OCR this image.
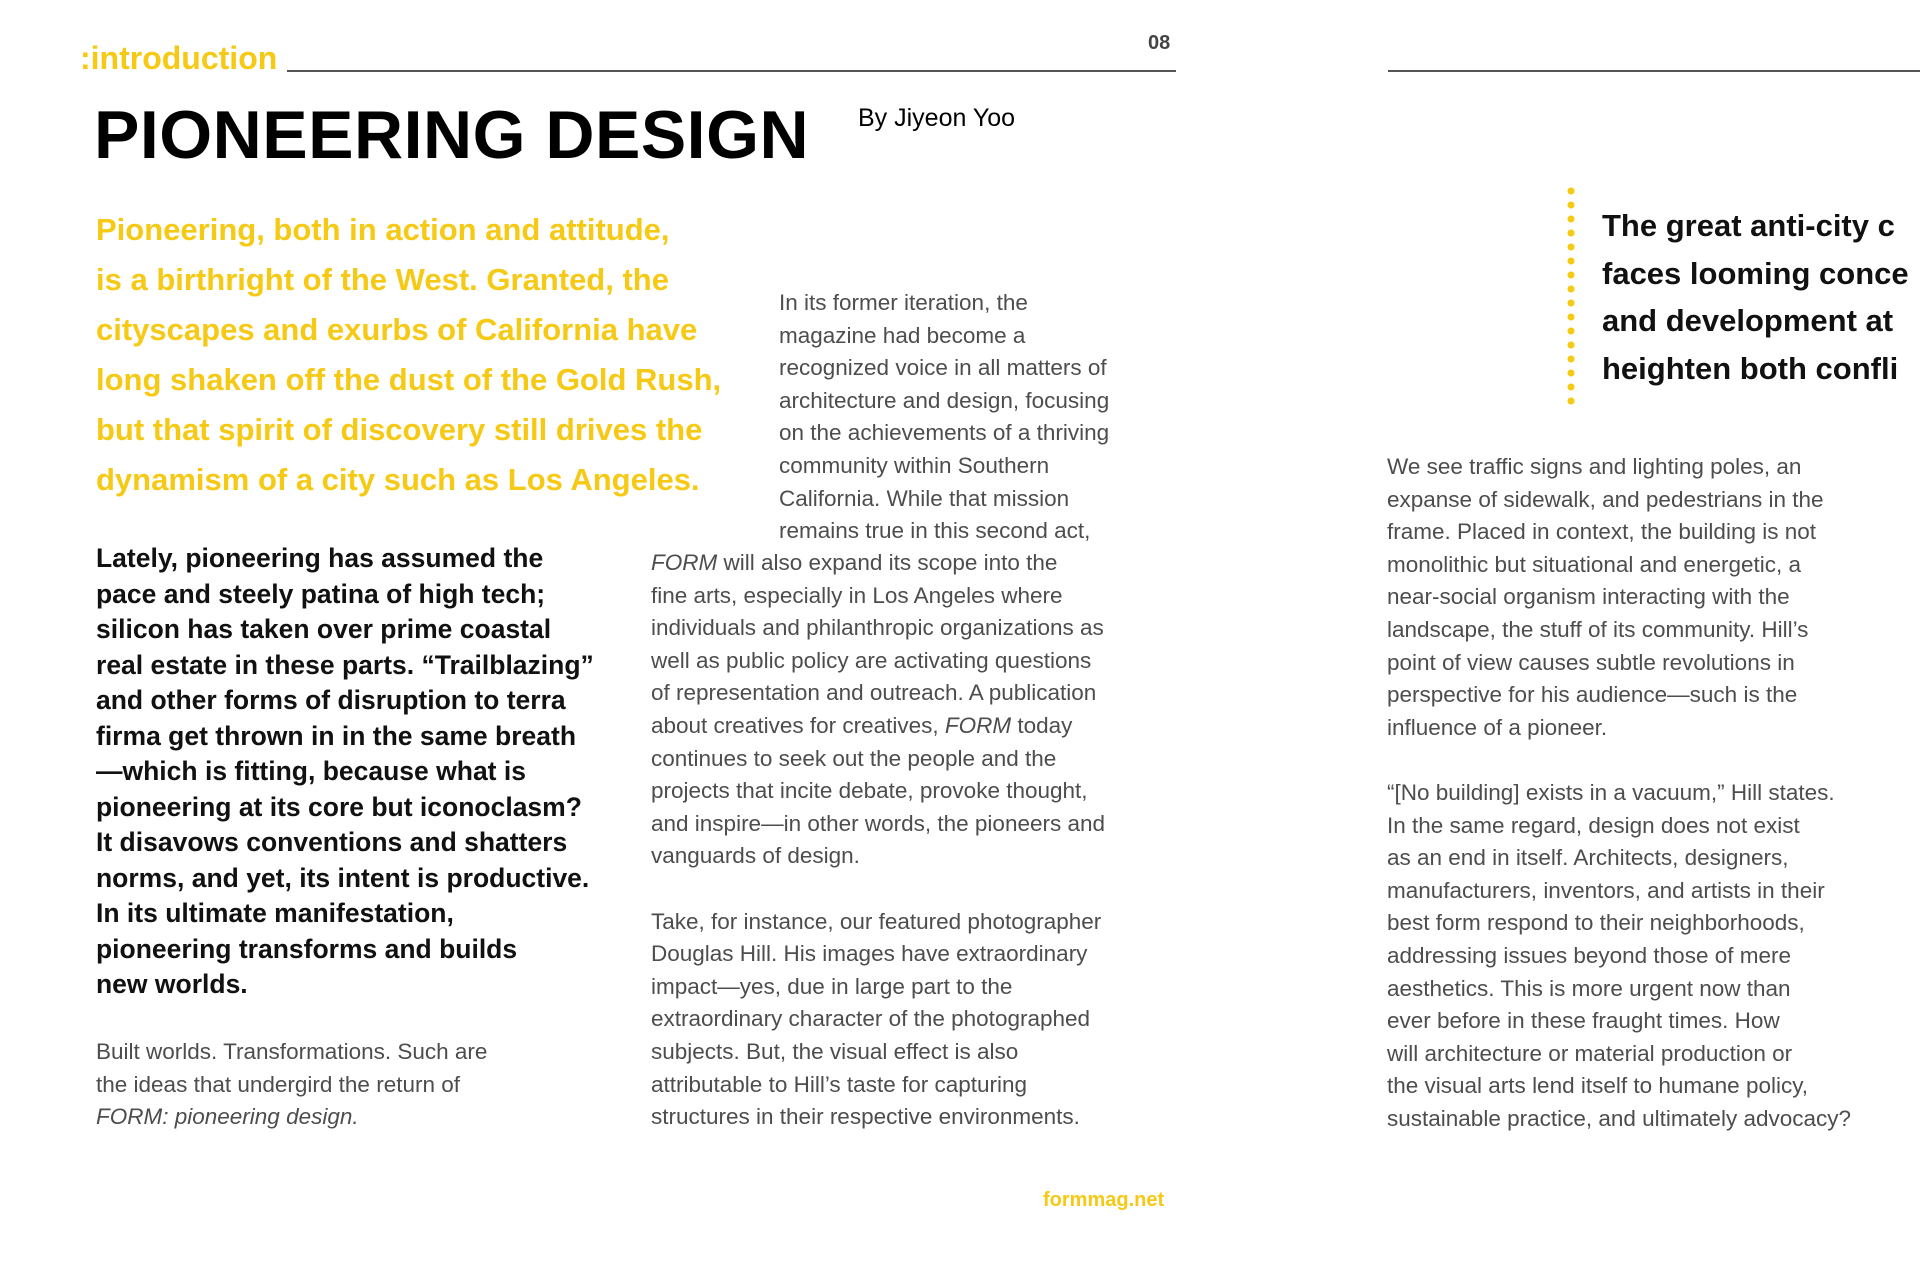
:introduction	08
PIONEERING DESIGN By Jiyeon Yoo
Pioneering, both in action and attitude,
is a birthright of the West. Granted, the
cityscapes and exurbs of California have
long shaken off the dust of the Gold Rush,
but that spirit of discovery still drives the
dynamism of a city such as Los Angeles.
Lately, pioneering has assumed the
pace and steely patina of high tech;
silicon has taken over prime coastal
real estate in these parts. “Trailblazing”
and other forms of disruption to terra
firma get thrown in in the same breath
—which is fitting, because what is
pioneering at its core but iconoclasm?
It disavows conventions and shatters
norms, and yet, its intent is productive.
In its ultimate manifestation,
pioneering transforms and builds
new worlds.
Built worlds. Transformations. Such are
the ideas that undergird the return of
FORM: pioneering design.
In its former iteration, the
magazine had become a
recognized voice in all matters of
architecture and design, focusing
on the achievements of a thriving
community within Southern
California. While that mission
remains true in this second act,
FORM will also expand its scope into the
fine arts, especially in Los Angeles where
individuals and philanthropic organizations as
well as public policy are activating questions
of representation and outreach. A publication
about creatives for creatives, FORM today
continues to seek out the people and the
projects that incite debate, provoke thought,
and inspire—in other words, the pioneers and
vanguards of design.
Take, for instance, our featured photographer
Douglas Hill. His images have extraordinary
impact—yes, due in large part to the
extraordinary character of the photographed
subjects. But, the visual effect is also
attributable to Hill’s taste for capturing
structures in their respective environments.
formmag.net
The great anti-city c
faces looming conce
and development at
heighten both confli
We see traffic signs and lighting poles, an
expanse of sidewalk, and pedestrians in the
frame. Placed in context, the building is not
monolithic but situational and energetic, a
near-social organism interacting with the
landscape, the stuff of its community. Hill’s
point of view causes subtle revolutions in
perspective for his audience—such is the
influence of a pioneer.
“[No building] exists in a vacuum,” Hill states.
In the same regard, design does not exist
as an end in itself. Architects, designers,
manufacturers, inventors, and artists in their
best form respond to their neighborhoods,
addressing issues beyond those of mere
aesthetics. This is more urgent now than
ever before in these fraught times. How
will architecture or material production or
the visual arts lend itself to humane policy,
sustainable practice, and ultimately advocacy?
